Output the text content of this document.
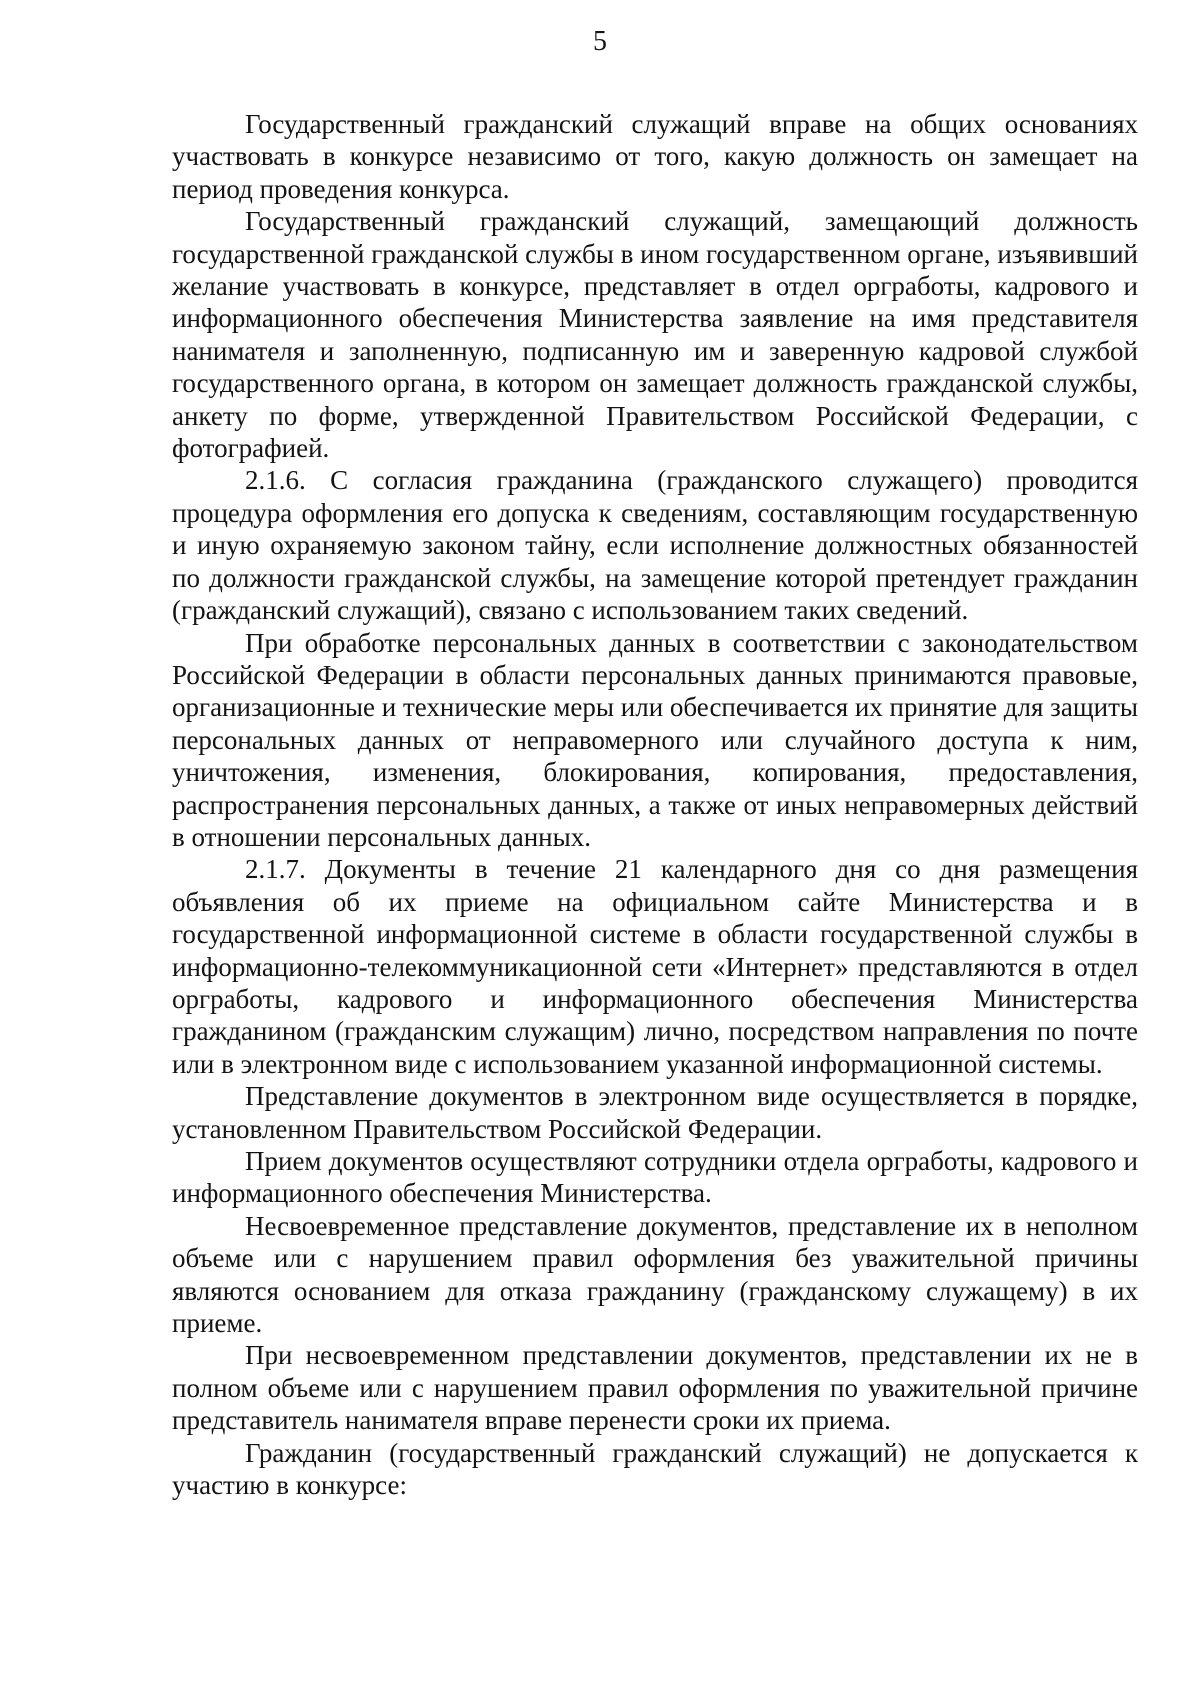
5

Государственный гражданский служащий вправе на общих основаниях участвовать в конкурсе независимо от того, какую должность он замещает на период проведения конкурса.

Государственный гражданский служащий, замещающий должность государственной гражданской службы в ином государственном органе, изъявивший желание участвовать в конкурсе, представляет в отдел оргработы, кадрового и информационного обеспечения Министерства заявление на имя представителя нанимателя и заполненную, подписанную им и заверенную кадровой службой государственного органа, в котором он замещает должность гражданской службы, анкету по форме, утвержденной Правительством Российской Федерации, с фотографией.

2.1.6. С согласия гражданина (гражданского служащего) проводится процедура оформления его допуска к сведениям, составляющим государственную и иную охраняемую законом тайну, если исполнение должностных обязанностей по должности гражданской службы, на замещение которой претендует гражданин (гражданский служащий), связано с использованием таких сведений.

При обработке персональных данных в соответствии с законодательством Российской Федерации в области персональных данных принимаются правовые, организационные и технические меры или обеспечивается их принятие для защиты персональных данных от неправомерного или случайного доступа к ним, уничтожения, изменения, блокирования, копирования, предоставления, распространения персональных данных, а также от иных неправомерных действий в отношении персональных данных.

2.1.7. Документы в течение 21 календарного дня со дня размещения объявления об их приеме на официальном сайте Министерства и в государственной информационной системе в области государственной службы в информационно-телекоммуникационной сети «Интернет» представляются в отдел оргработы, кадрового и информационного обеспечения Министерства гражданином (гражданским служащим) лично, посредством направления по почте или в электронном виде с использованием указанной информационной системы.

Представление документов в электронном виде осуществляется в порядке, установленном Правительством Российской Федерации.

Прием документов осуществляют сотрудники отдела оргработы, кадрового и информационного обеспечения Министерства.

Несвоевременное представление документов, представление их в неполном объеме или с нарушением правил оформления без уважительной причины являются основанием для отказа гражданину (гражданскому служащему) в их приеме.

При несвоевременном представлении документов, представлении их не в полном объеме или с нарушением правил оформления по уважительной причине представитель нанимателя вправе перенести сроки их приема.

Гражданин (государственный гражданский служащий) не допускается к участию в конкурсе:
